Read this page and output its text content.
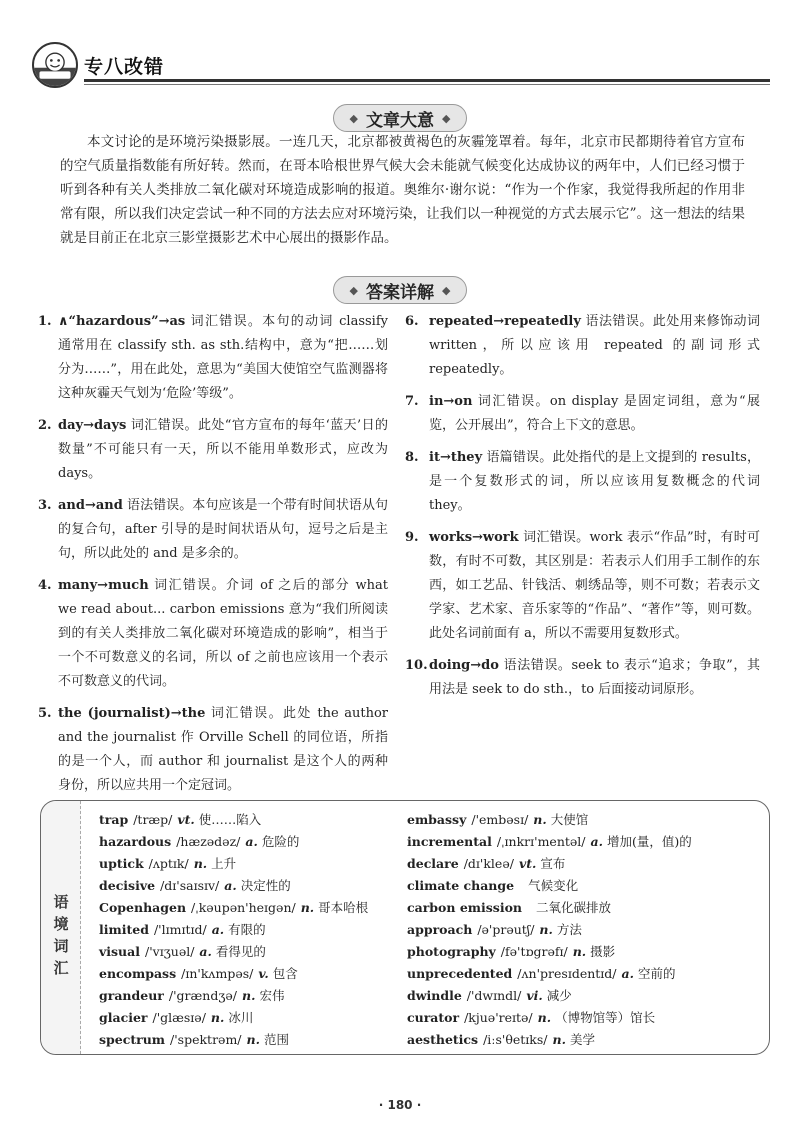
专八改错
◆ 文章大意 ◆

本文讨论的是环境污染摄影展。一连几天，北京都被黄褐色的灰霾笼罩着。每年，北京市民都期待着官方宣布的空气质量指数能有所好转。然而，在哥本哈根世界气候大会未能就气候变化达成协议的两年中，人们已经习惯于听到各种有关人类排放二氧化碳对环境造成影响的报道。奥维尔·谢尔说：“作为一个作家，我觉得我所起的作用非常有限，所以我们决定尝试一种不同的方法去应对环境污染，让我们以一种视觉的方式去展示它”。这一想法的结果就是目前正在北京三影堂摄影艺术中心展出的摄影作品。

◆ 答案详解 ◆
1. ∧“hazardous”→as 词汇错误。本句的动词 classify 通常用在 classify sth. as sth.结构中，意为“把……划分为……”，用在此处，意思为“美国大使馆空气监测器将这种灰霾天气划为‘危险’等级”。
2. day→days 词汇错误。此处“官方宣布的每年‘蓝天’日的数量”不可能只有一天，所以不能用单数形式，应改为 days。
3. and→and 语法错误。本句应该是一个带有时间状语从句的复合句，after 引导的是时间状语从句，逗号之后是主句，所以此处的 and 是多余的。
4. many→much 词汇错误。介词 of 之后的部分 what we read about... carbon emissions 意为“我们所阅读到的有关人类排放二氧化碳对环境造成的影响”，相当于一个不可数意义的名词，所以 of 之前也应该用一个表示不可数意义的代词。
5. the (journalist)→the 词汇错误。此处 the author and the journalist 作 Orville Schell 的同位语，所指的是一个人，而 author 和 journalist 是这个人的两种身份，所以应共用一个定冠词。
6. repeated→repeatedly 语法错误。此处用来修饰动词 written，所以应该用 repeated 的副词形式 repeatedly。
7. in→on 词汇错误。on display 是固定词组，意为“展览，公开展出”，符合上下文的意思。
8. it→they 语篇错误。此处指代的是上文提到的 results，是一个复数形式的词，所以应该用复数概念的代词 they。
9. works→work 词汇错误。work 表示“作品”时，有时可数，有时不可数，其区别是：若表示人们用手工制作的东西，如工艺品、针钱活、刺绣品等，则不可数；若表示文学家、艺术家、音乐家等的“作品”、“著作”等，则可数。此处名词前面有 a，所以不需要用复数形式。
10. doing→do 语法错误。seek to 表示“追求；争取”，其用法是 seek to do sth.，to 后面接动词原形。
语境词汇
trap /træp/ vt. 使……陷入
hazardous /hæzədəz/ a. 危险的
uptick /ʌptɪk/ n. 上升
decisive /dɪ'saɪsɪv/ a. 决定性的
Copenhagen /ˌkəupən'heɪgən/ n. 哥本哈根
limited /'lɪmɪtɪd/ a. 有限的
visual /'vɪʒuəl/ a. 看得见的
encompass /ɪn'kʌmpəs/ v. 包含
grandeur /'grændʒə/ n. 宏伟
glacier /'glæsɪə/ n. 冰川
spectrum /'spektrəm/ n. 范围
embassy /'embəsɪ/ n. 大使馆
incremental /ˌɪnkrɪ'mentəl/ a. 增加(量，值)的
declare /dɪ'kleə/ vt. 宣布
climate change 气候变化
carbon emission 二氧化碳排放
approach /ə'prəutʃ/ n. 方法
photography /fə'tɒgrəfɪ/ n. 摄影
unprecedented /ʌn'presɪdentɪd/ a. 空前的
dwindle /'dwɪndl/ vi. 减少
curator /kjuə'reɪtə/ n. （博物馆等）馆长
aesthetics /iːs'θetɪks/ n. 美学
· 180 ·
